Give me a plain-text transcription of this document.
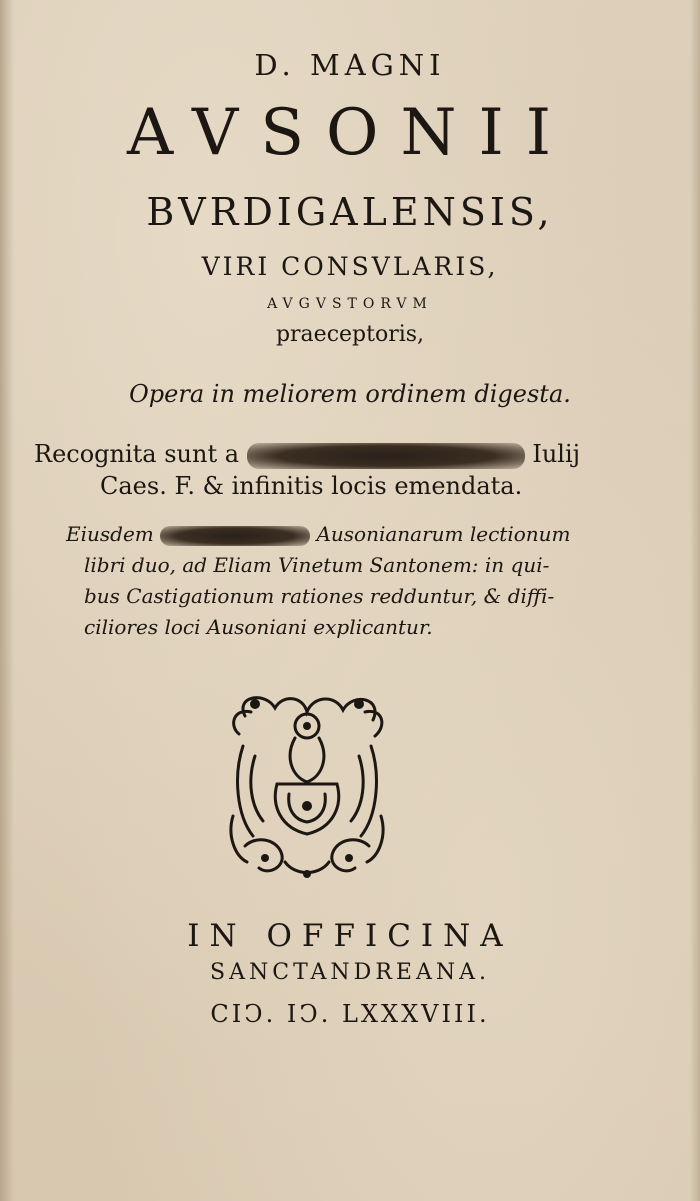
D. MAGNI
AVSONII
BVRDIGALENSIS,
VIRI CONSVLARIS,
AVGVSTORVM
praeceptoris,
Opera in meliorem ordinem digesta.
Recognita sunt a	Iulij
Caes. F. & infinitis locis emendata.
Eiusdem	Ausonianarum lectionum
libri duo, ad Eliam Vinetum Santonem: in qui-
bus Castigationum rationes redduntur, & diffi-
ciliores loci Ausoniani explicantur.
IN OFFICINA
SANCTANDREANA.
CIↃ. IↃ. LXXXVIII.
